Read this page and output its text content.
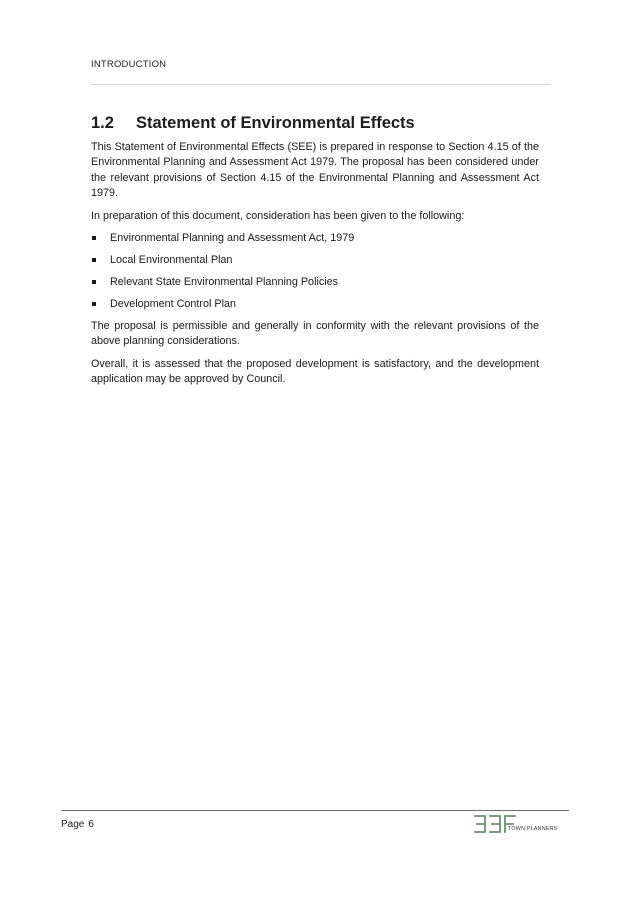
INTRODUCTION
1.2 Statement of Environmental Effects

This Statement of Environmental Effects (SEE) is prepared in response to Section 4.15 of the Environmental Planning and Assessment Act 1979. The proposal has been considered under the relevant provisions of Section 4.15 of the Environmental Planning and Assessment Act 1979.

In preparation of this document, consideration has been given to the following:

Environmental Planning and Assessment Act, 1979
Local Environmental Plan
Relevant State Environmental Planning Policies
Development Control Plan

The proposal is permissible and generally in conformity with the relevant provisions of the above planning considerations.

Overall, it is assessed that the proposed development is satisfactory, and the development application may be approved by Council.

Page 6	TOWN PLANNERS
